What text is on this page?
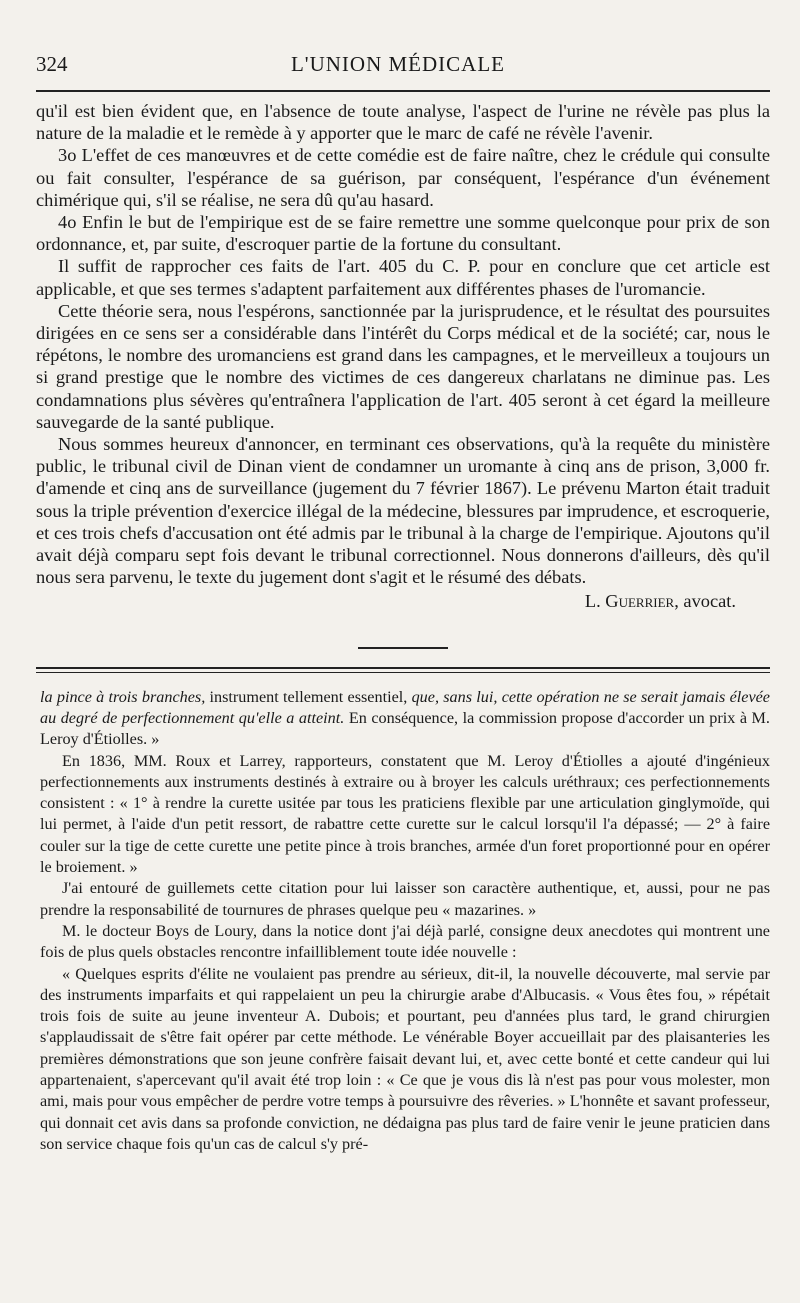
324	L'UNION MÉDICALE

qu'il est bien évident que, en l'absence de toute analyse, l'aspect de l'urine ne révèle pas plus la nature de la maladie et le remède à y apporter que le marc de café ne révèle l'avenir.

3o L'effet de ces manœuvres et de cette comédie est de faire naître, chez le crédule qui consulte ou fait consulter, l'espérance de sa guérison, par conséquent, l'espérance d'un événement chimérique qui, s'il se réalise, ne sera dû qu'au hasard.

4o Enfin le but de l'empirique est de se faire remettre une somme quelconque pour prix de son ordonnance, et, par suite, d'escroquer partie de la fortune du consultant.

Il suffit de rapprocher ces faits de l'art. 405 du C. P. pour en conclure que cet article est applicable, et que ses termes s'adaptent parfaitement aux différentes phases de l'uromancie.

Cette théorie sera, nous l'espérons, sanctionnée par la jurisprudence, et le résultat des poursuites dirigées en ce sens ser a considérable dans l'intérêt du Corps médical et de la société; car, nous le répétons, le nombre des uromanciens est grand dans les campagnes, et le merveilleux a toujours un si grand prestige que le nombre des victimes de ces dangereux charlatans ne diminue pas. Les condamnations plus sévères qu'entraînera l'application de l'art. 405 seront à cet égard la meilleure sauvegarde de la santé publique.

Nous sommes heureux d'annoncer, en terminant ces observations, qu'à la requête du ministère public, le tribunal civil de Dinan vient de condamner un uromante à cinq ans de prison, 3,000 fr. d'amende et cinq ans de surveillance (jugement du 7 février 1867). Le prévenu Marton était traduit sous la triple prévention d'exercice illégal de la médecine, blessures par imprudence, et escroquerie, et ces trois chefs d'accusation ont été admis par le tribunal à la charge de l'empirique. Ajoutons qu'il avait déjà comparu sept fois devant le tribunal correctionnel. Nous donnerons d'ailleurs, dès qu'il nous sera parvenu, le texte du jugement dont s'agit et le résumé des débats.

L. Guerrier, avocat.

la pince à trois branches, instrument tellement essentiel, que, sans lui, cette opération ne se serait jamais élevée au degré de perfectionnement qu'elle a atteint. En conséquence, la commission propose d'accorder un prix à M. Leroy d'Étiolles. »

En 1836, MM. Roux et Larrey, rapporteurs, constatent que M. Leroy d'Étiolles a ajouté d'ingénieux perfectionnements aux instruments destinés à extraire ou à broyer les calculs uréthraux; ces perfectionnements consistent : « 1° à rendre la curette usitée par tous les praticiens flexible par une articulation ginglymoïde, qui lui permet, à l'aide d'un petit ressort, de rabattre cette curette sur le calcul lorsqu'il l'a dépassé; — 2° à faire couler sur la tige de cette curette une petite pince à trois branches, armée d'un foret proportionné pour en opérer le broiement. »

J'ai entouré de guillemets cette citation pour lui laisser son caractère authentique, et, aussi, pour ne pas prendre la responsabilité de tournures de phrases quelque peu « mazarines. »

M. le docteur Boys de Loury, dans la notice dont j'ai déjà parlé, consigne deux anecdotes qui montrent une fois de plus quels obstacles rencontre infailliblement toute idée nouvelle :

« Quelques esprits d'élite ne voulaient pas prendre au sérieux, dit-il, la nouvelle découverte, mal servie par des instruments imparfaits et qui rappelaient un peu la chirurgie arabe d'Albucasis. « Vous êtes fou, » répétait trois fois de suite au jeune inventeur A. Dubois; et pourtant, peu d'années plus tard, le grand chirurgien s'applaudissait de s'être fait opérer par cette méthode. Le vénérable Boyer accueillait par des plaisanteries les premières démonstrations que son jeune confrère faisait devant lui, et, avec cette bonté et cette candeur qui lui appartenaient, s'apercevant qu'il avait été trop loin : « Ce que je vous dis là n'est pas pour vous molester, mon ami, mais pour vous empêcher de perdre votre temps à poursuivre des rêveries. » L'honnête et savant professeur, qui donnait cet avis dans sa profonde conviction, ne dédaigna pas plus tard de faire venir le jeune praticien dans son service chaque fois qu'un cas de calcul s'y pré-
